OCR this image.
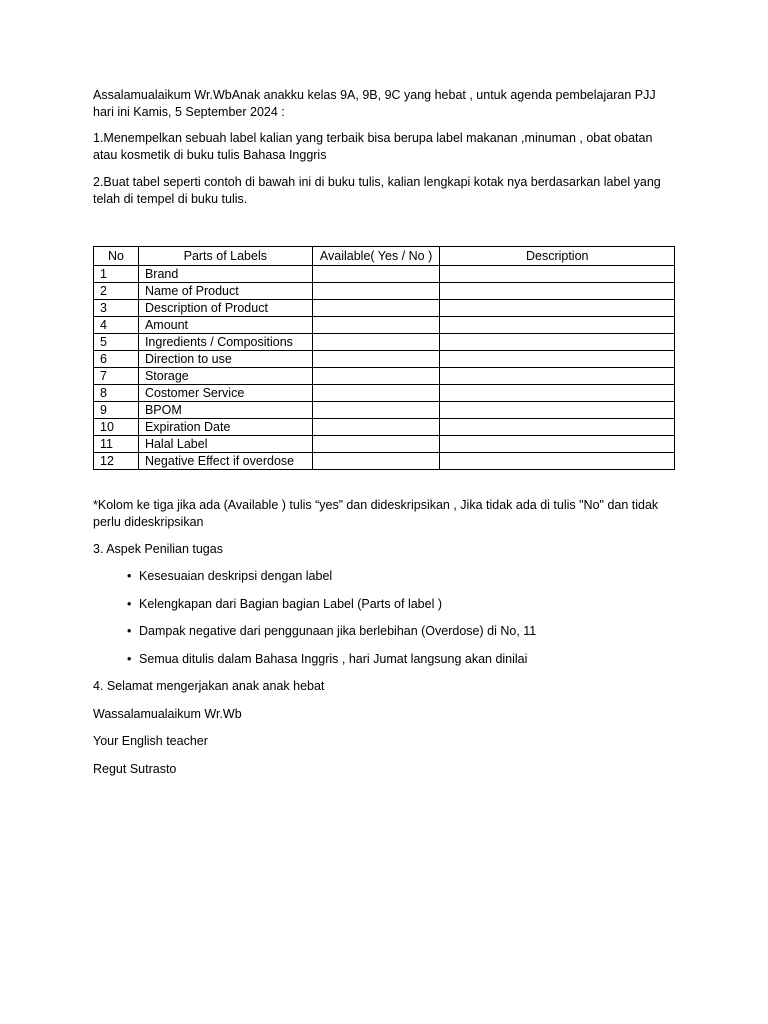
Assalamualaikum Wr.WbAnak anakku kelas 9A, 9B, 9C yang hebat , untuk agenda pembelajaran PJJ hari ini Kamis, 5 September 2024 :

1.Menempelkan sebuah label kalian yang terbaik bisa berupa label makanan ,minuman , obat obatan atau kosmetik di buku tulis Bahasa Inggris

2.Buat tabel seperti contoh di bawah ini di buku tulis, kalian lengkapi kotak nya berdasarkan label yang telah di tempel di buku tulis.

No	Parts of Labels	Available( Yes / No )	Description
1	Brand		
2	Name of Product		
3	Description of Product		
4	Amount		
5	Ingredients / Compositions		
6	Direction to use		
7	Storage		
8	Costomer Service		
9	BPOM		
10	Expiration Date		
11	Halal Label		
12	Negative Effect if overdose		

*Kolom ke tiga jika ada (Available ) tulis “yes” dan dideskripsikan , Jika tidak ada di tulis "No" dan tidak perlu dideskripsikan

3. Aspek Penilian tugas

• Kesesuaian deskripsi dengan label
• Kelengkapan dari Bagian bagian Label (Parts of label )
• Dampak negative dari penggunaan jika berlebihan (Overdose) di No, 11
• Semua ditulis dalam Bahasa Inggris , hari Jumat langsung akan dinilai

4. Selamat mengerjakan anak anak hebat

Wassalamualaikum Wr.Wb

Your English teacher

Regut Sutrasto
